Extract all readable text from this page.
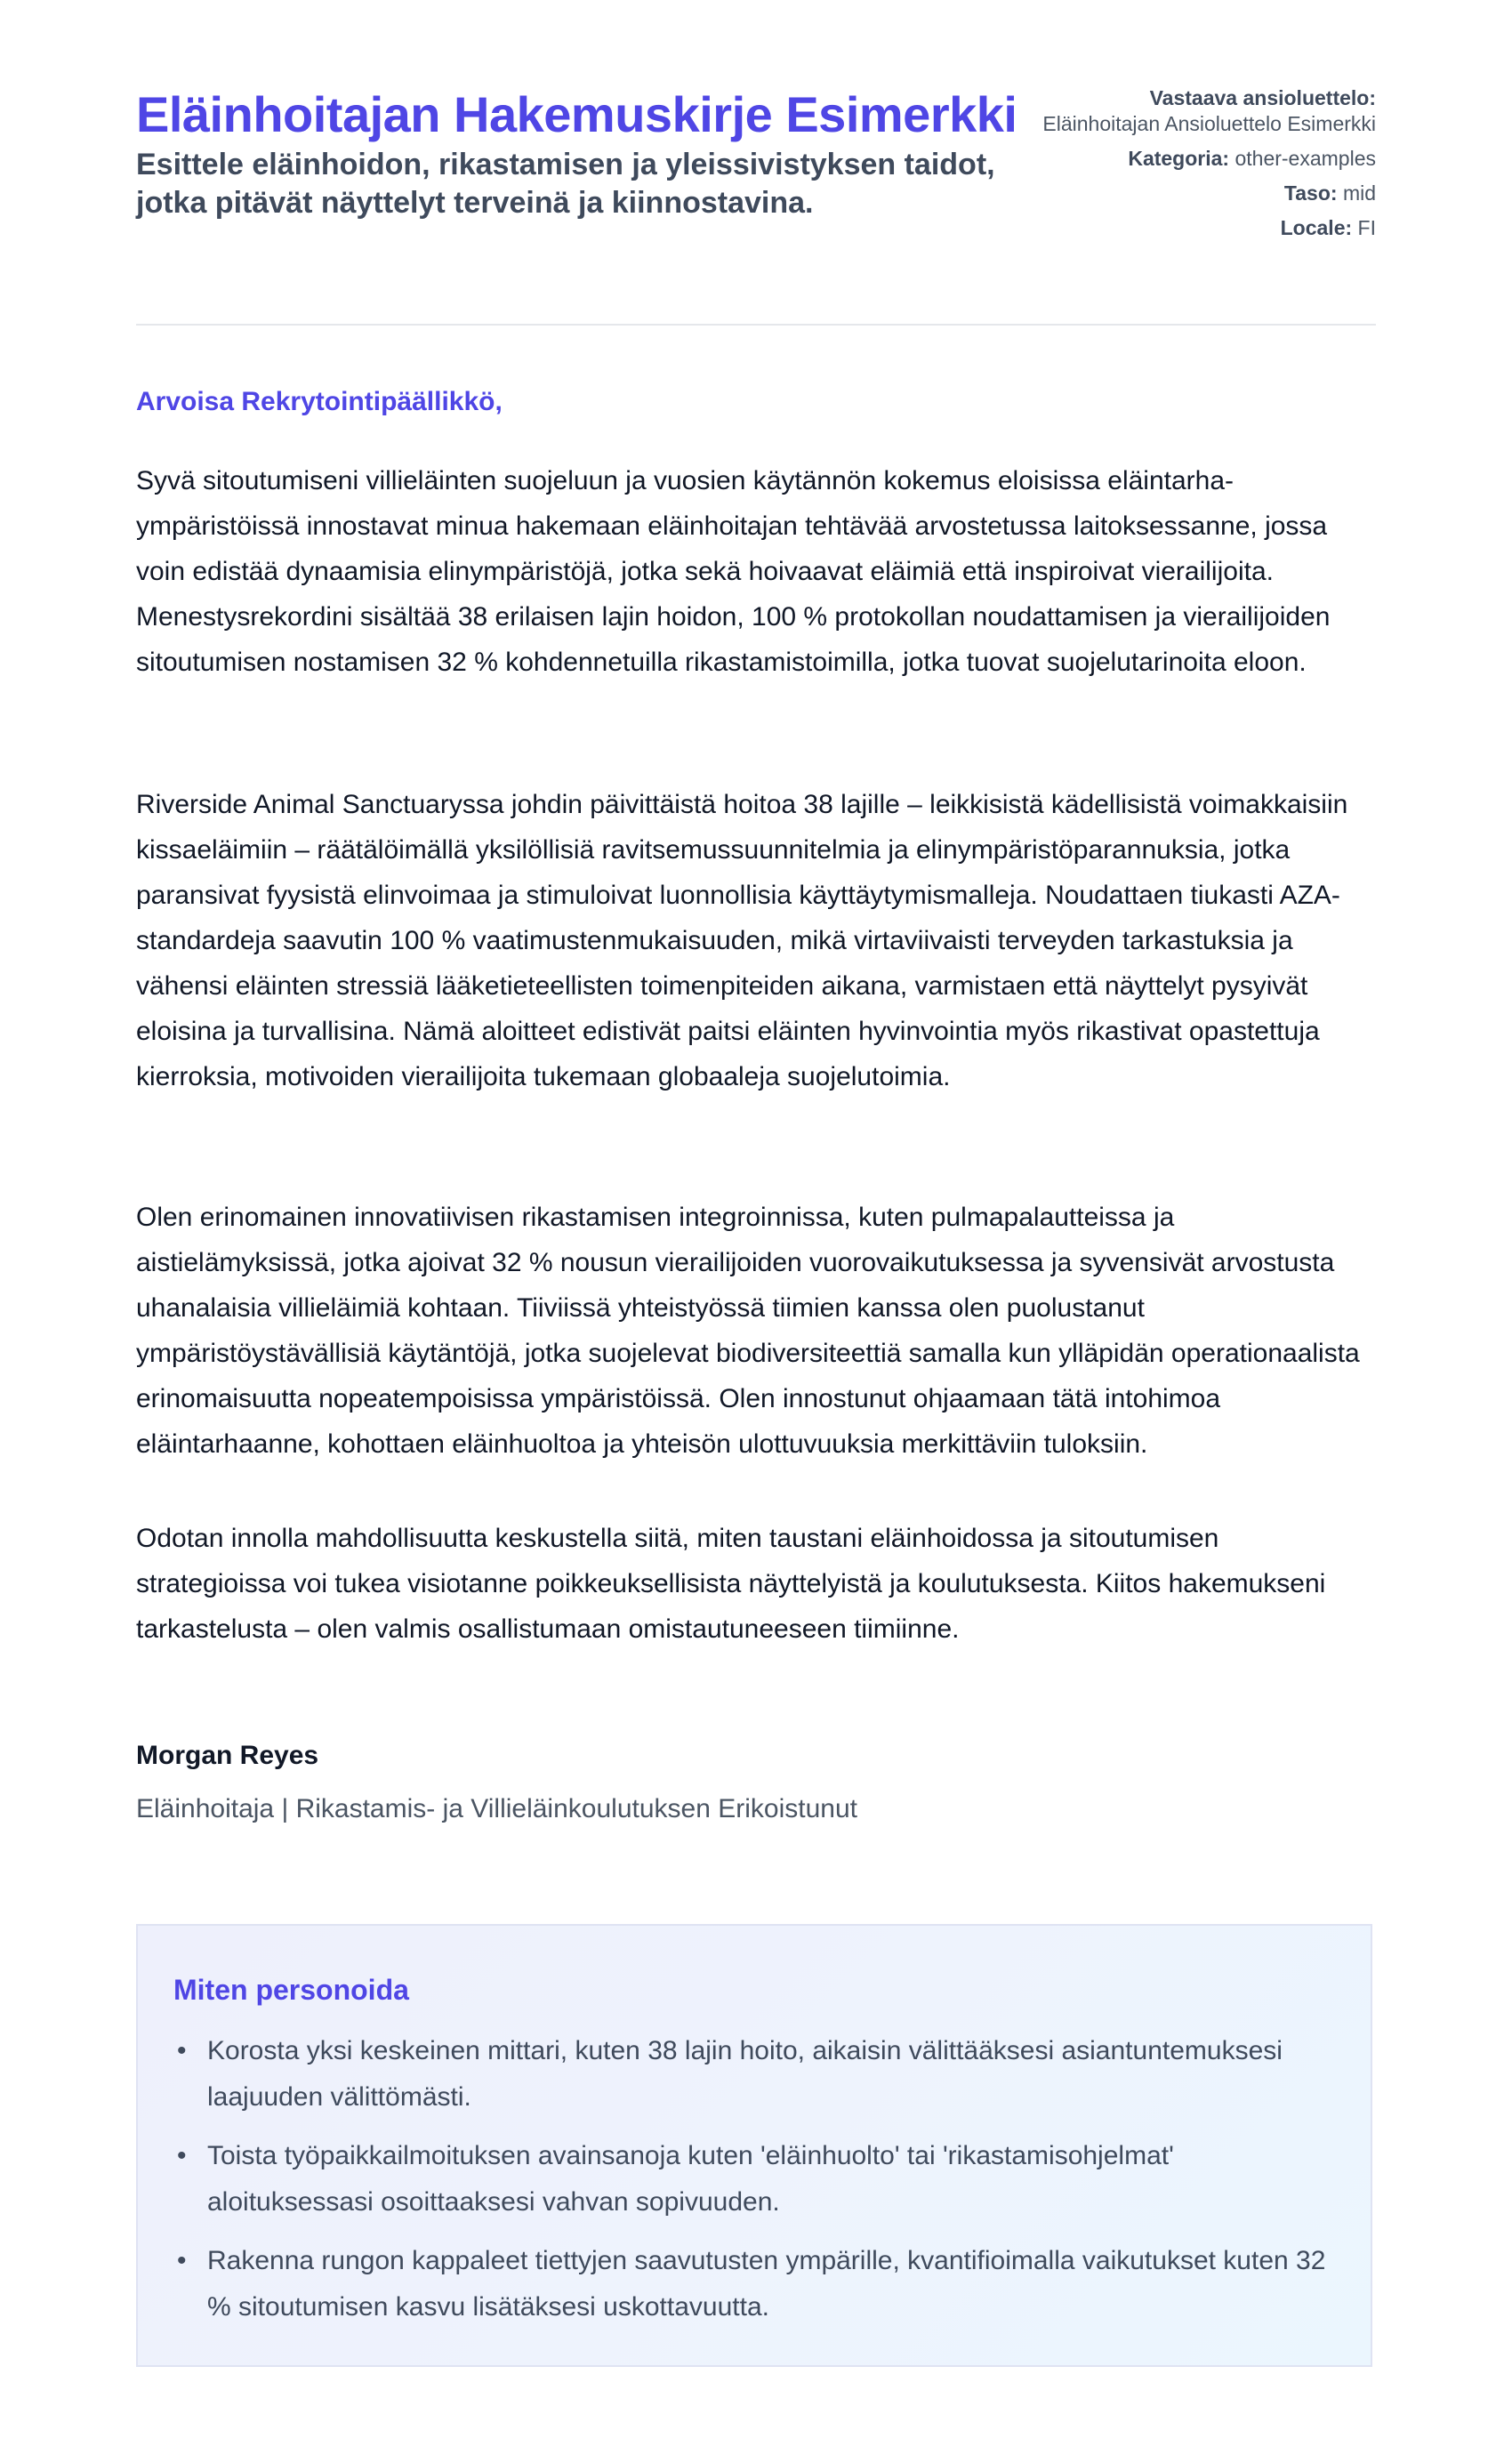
Eläinhoitajan Hakemuskirje Esimerkki

Esittele eläinhoidon, rikastamisen ja yleissivistyksen taidot, jotka pitävät näyttelyt terveinä ja kiinnostavina.

Vastaava ansioluettelo:
Eläinhoitajan Ansioluettelo Esimerkki
Kategoria: other-examples
Taso: mid
Locale: FI
Arvoisa Rekrytointipäällikkö,

Syvä sitoutumiseni villieläinten suojeluun ja vuosien käytännön kokemus eloisissa eläintarha-ympäristöissä innostavat minua hakemaan eläinhoitajan tehtävää arvostetussa laitoksessanne, jossa voin edistää dynaamisia elinympäristöjä, jotka sekä hoivaavat eläimiä että inspiroivat vierailijoita. Menestysrekordini sisältää 38 erilaisen lajin hoidon, 100 % protokollan noudattamisen ja vierailijoiden sitoutumisen nostamisen 32 % kohdennetuilla rikastamistoimilla, jotka tuovat suojelutarinoita eloon.

Riverside Animal Sanctuaryssa johdin päivittäistä hoitoa 38 lajille – leikkisistä kädellisistä voimakkaisiin kissaeläimiin – räätälöimällä yksilöllisiä ravitsemussuunnitelmia ja elinympäristöparannuksia, jotka paransivat fyysistä elinvoimaa ja stimuloivat luonnollisia käyttäytymismalleja. Noudattaen tiukasti AZA-standardeja saavutin 100 % vaatimustenmukaisuuden, mikä virtaviivaisti terveyden tarkastuksia ja vähensi eläinten stressiä lääketieteellisten toimenpiteiden aikana, varmistaen että näyttelyt pysyivät eloisina ja turvallisina. Nämä aloitteet edistivät paitsi eläinten hyvinvointia myös rikastivat opastettuja kierroksia, motivoiden vierailijoita tukemaan globaaleja suojelutoimia.

Olen erinomainen innovatiivisen rikastamisen integroinnissa, kuten pulmapalautteissa ja aistielämyksissä, jotka ajoivat 32 % nousun vierailijoiden vuorovaikutuksessa ja syvensivät arvostusta uhanalaisia villieläimiä kohtaan. Tiiviissä yhteistyössä tiimien kanssa olen puolustanut ympäristöystävällisiä käytäntöjä, jotka suojelevat biodiversiteettiä samalla kun ylläpidän operationaalista erinomaisuutta nopeatempoisissa ympäristöissä. Olen innostunut ohjaamaan tätä intohimoa eläintarhaanne, kohottaen eläinhuoltoa ja yhteisön ulottuvuuksia merkittäviin tuloksiin.

Odotan innolla mahdollisuutta keskustella siitä, miten taustani eläinhoidossa ja sitoutumisen strategioissa voi tukea visiotanne poikkeuksellisista näyttelyistä ja koulutuksesta. Kiitos hakemukseni tarkastelusta – olen valmis osallistumaan omistautuneeseen tiimiinne.

Morgan Reyes
Eläinhoitaja | Rikastamis- ja Villieläinkoulutuksen Erikoistunut
Miten personoida
• Korosta yksi keskeinen mittari, kuten 38 lajin hoito, aikaisin välittääksesi asiantuntemuksesi laajuuden välittömästi.
• Toista työpaikkailmoituksen avainsanoja kuten 'eläinhuolto' tai 'rikastamisohjelmat' aloituksessasi osoittaaksesi vahvan sopivuuden.
• Rakenna rungon kappaleet tiettyjen saavutusten ympärille, kvantifioimalla vaikutukset kuten 32 % sitoutumisen kasvu lisätäksesi uskottavuutta.
